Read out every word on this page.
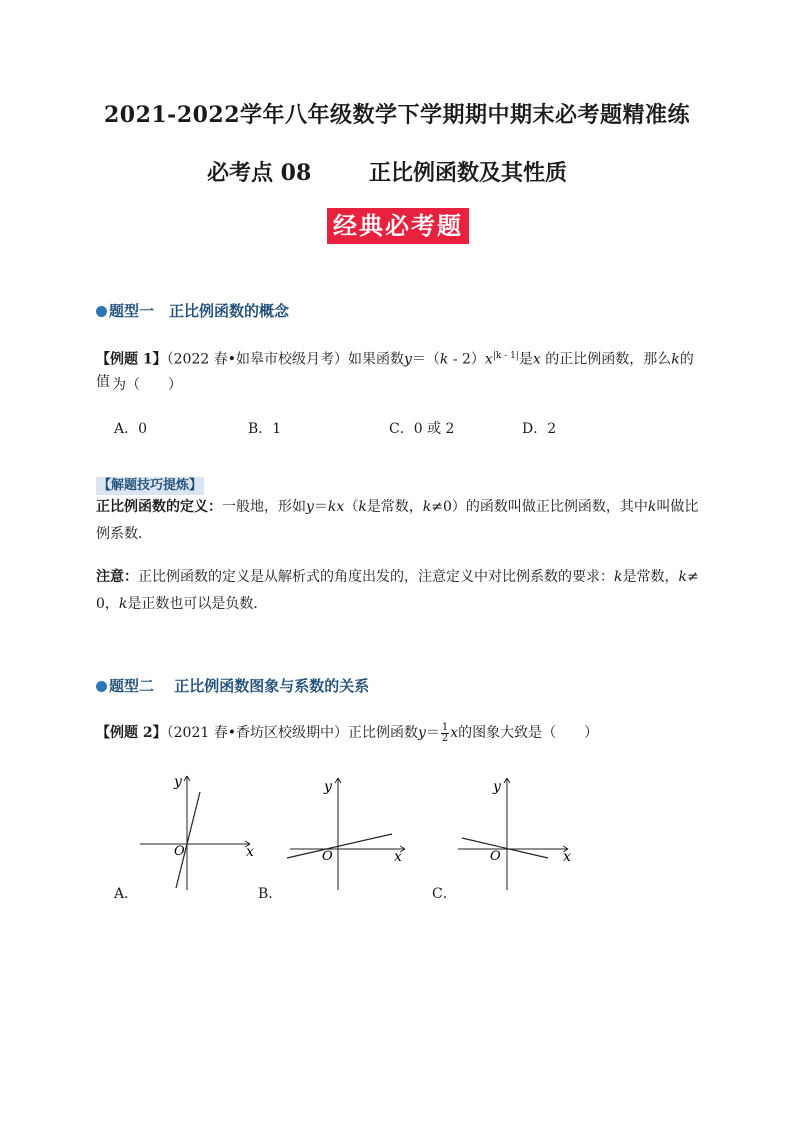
2021-2022学年八年级数学下学期期中期末必考题精准练
必考点 08	正比例函数及其性质
经典必考题
题型一　正比例函数的概念
【例题 1】（2022 春•如皋市校级月考）如果函数$y=(k - 2)x^{|k - 1|}$是x 的正比例函数，那么k的值 为（　　）
A．0	B．1	C．0 或 2	D．2
【解题技巧提炼】
正比例函数的定义：一般地，形如y＝kx（k是常数，k≠0）的函数叫做正比例函数，其中k叫做比
例系数．
注意：正比例函数的定义是从解析式的角度出发的，注意定义中对比例系数的要求：k是常数，k≠
0，k是正数也可以是负数．
题型二　 正比例函数图象与系数的关系
【例题 2】（2021 春•香坊区校级期中）正比例函数$y= \frac{1}{2}$ x的图象大致是（　　）
x
y
O
A．
x
y
O
B．
x
y
O
C．
